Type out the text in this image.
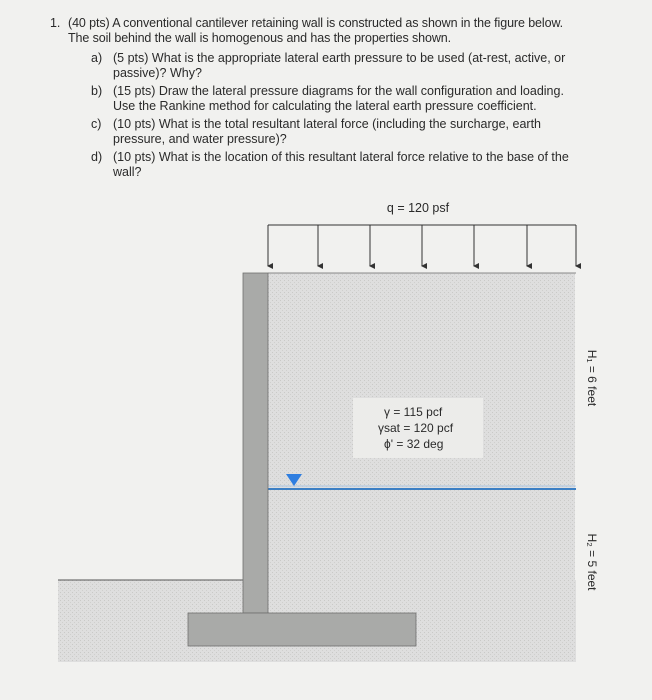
1. (40 pts) A conventional cantilever retaining wall is constructed as shown in the figure below.
The soil behind the wall is homogenous and has the properties shown.
a) (5 pts) What is the appropriate lateral earth pressure to be used (at-rest, active, or
passive)? Why?
b) (15 pts) Draw the lateral pressure diagrams for the wall configuration and loading.
Use the Rankine method for calculating the lateral earth pressure coefficient.
c) (10 pts) What is the total resultant lateral force (including the surcharge, earth
pressure, and water pressure)?
d) (10 pts) What is the location of this resultant lateral force relative to the base of the
wall?
q = 120 psf
γ = 115 pcf
γsat = 120 pcf
ϕ' = 32 deg
H₁ = 6 feet
H₂ = 5 feet
